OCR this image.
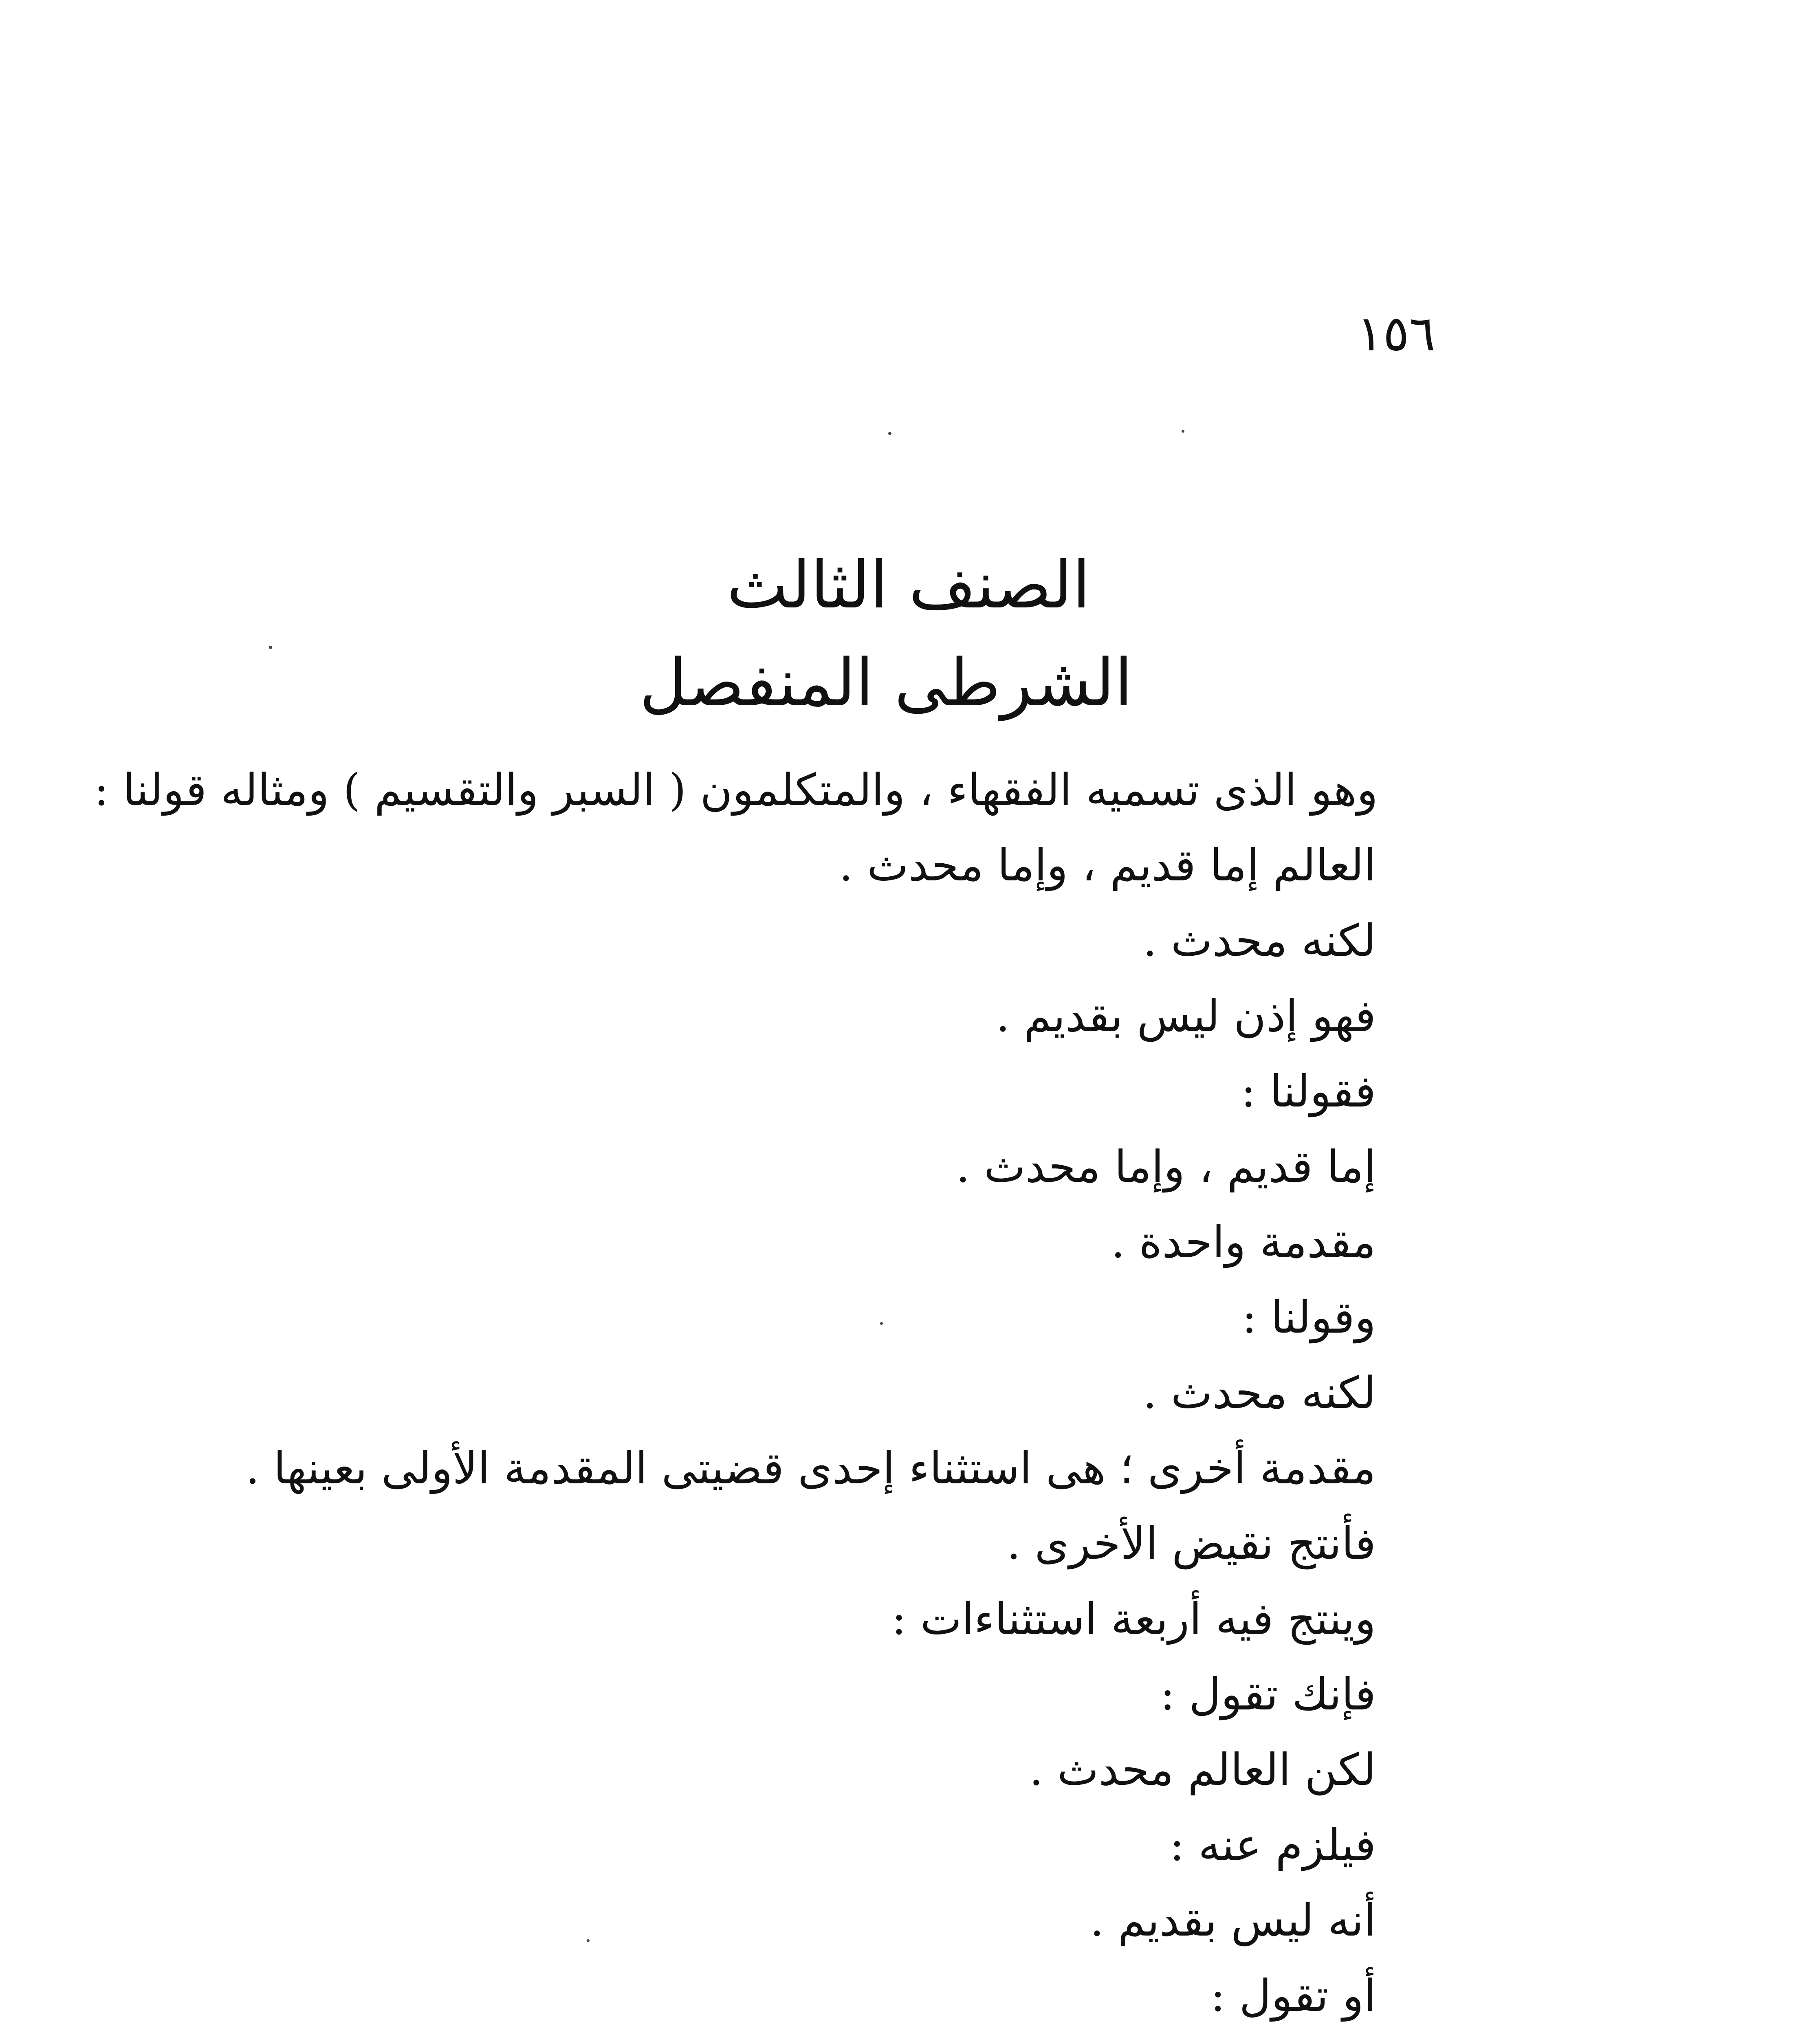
١٥٦
الصنف الثالث
الشرطى المنفصل
وهو الذى تسميه الفقهاء ، والمتكلمون ( السبر والتقسيم ) ومثاله قولنا :
العالم إما قديم ، وإما محدث .
لكنه محدث .
فهو إذن ليس بقديم .
فقولنا :
إما قديم ، وإما محدث .
مقدمة واحدة .
وقولنا :
لكنه محدث .
مقدمة أخرى ؛ هى استثناء إحدى قضيتى المقدمة الأولى بعينها .
فأنتج نقيض الأخرى .
وينتج فيه أربعة استثناءات :
فإنك تقول :
لكن العالم محدث .
فيلزم عنه :
أنه ليس بقديم .
أو تقول :
